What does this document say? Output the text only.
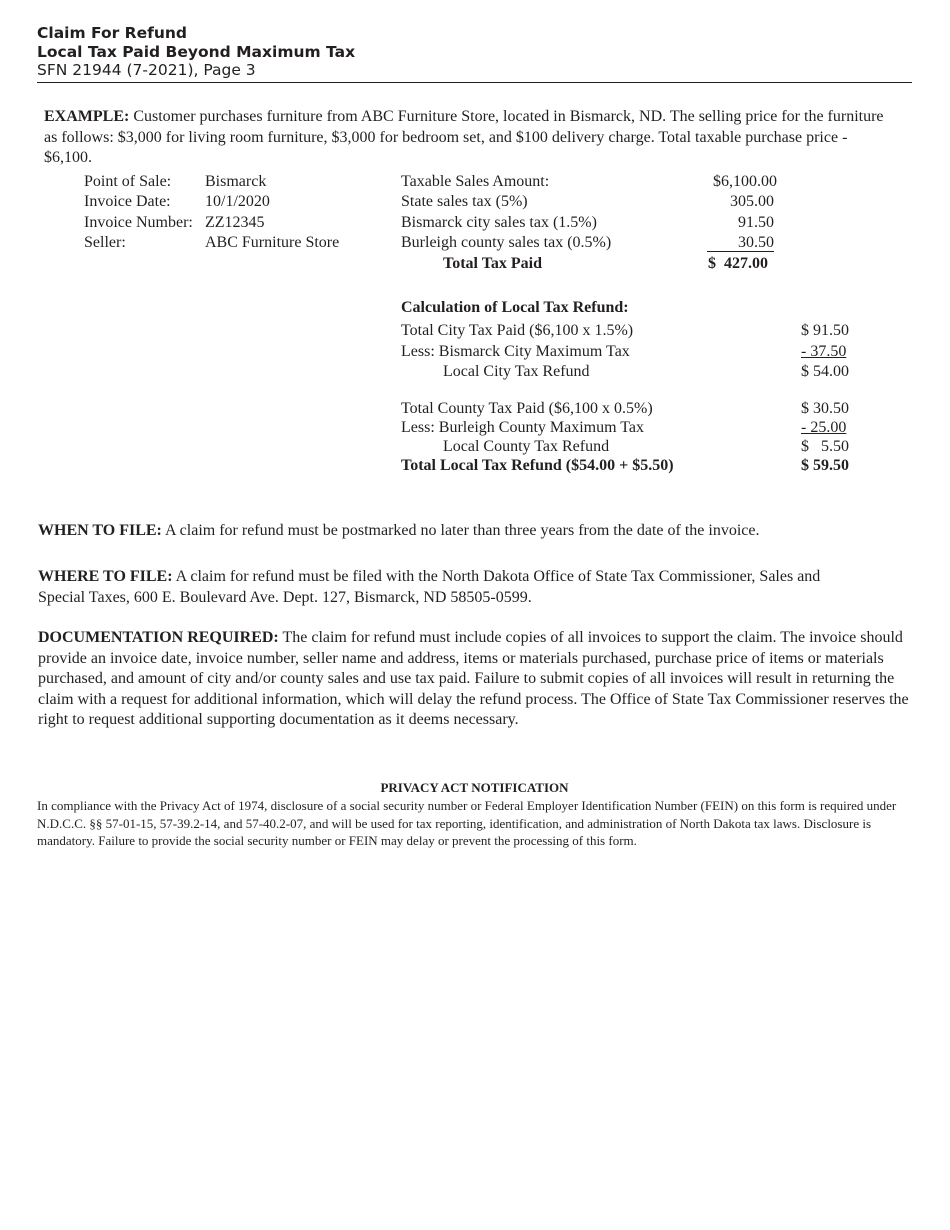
Claim For Refund
Local Tax Paid Beyond Maximum Tax
SFN 21944 (7-2021), Page 3
EXAMPLE: Customer purchases furniture from ABC Furniture Store, located in Bismarck, ND. The selling price for the furniture as follows: $3,000 for living room furniture, $3,000 for bedroom set, and $100 delivery charge. Total taxable purchase price - $6,100.
Point of Sale: Bismarck
Invoice Date: 10/1/2020
Invoice Number: ZZ12345
Seller:	ABC Furniture Store
Taxable Sales Amount:	$6,100.00
State sales tax (5%)	305.00
Bismarck city sales tax (1.5%)	91.50
Burleigh county sales tax (0.5%)	30.50
Total Tax Paid	$  427.00
Calculation of Local Tax Refund:
Total City Tax Paid ($6,100 x 1.5%)	$ 91.50
Less: Bismarck City Maximum Tax	- 37.50
Local City Tax Refund	$ 54.00
Total County Tax Paid ($6,100 x 0.5%)	$ 30.50
Less: Burleigh County Maximum Tax	- 25.00
Local County Tax Refund	$   5.50
Total Local Tax Refund ($54.00 + $5.50)	$ 59.50
WHEN TO FILE: A claim for refund must be postmarked no later than three years from the date of the invoice.
WHERE TO FILE: A claim for refund must be filed with the North Dakota Office of State Tax Commissioner, Sales and Special Taxes, 600 E. Boulevard Ave. Dept. 127, Bismarck, ND 58505-0599.
DOCUMENTATION REQUIRED: The claim for refund must include copies of all invoices to support the claim. The invoice should provide an invoice date, invoice number, seller name and address, items or materials purchased, purchase price of items or materials purchased, and amount of city and/or county sales and use tax paid. Failure to submit copies of all invoices will result in returning the claim with a request for additional information, which will delay the refund process. The Office of State Tax Commissioner reserves the right to request additional supporting documentation as it deems necessary.
PRIVACY ACT NOTIFICATION
In compliance with the Privacy Act of 1974, disclosure of a social security number or Federal Employer Identification Number (FEIN) on this form is required under N.D.C.C. §§ 57-01-15, 57-39.2-14, and 57-40.2-07, and will be used for tax reporting, identification, and administration of North Dakota tax laws. Disclosure is mandatory. Failure to provide the social security number or FEIN may delay or prevent the processing of this form.
